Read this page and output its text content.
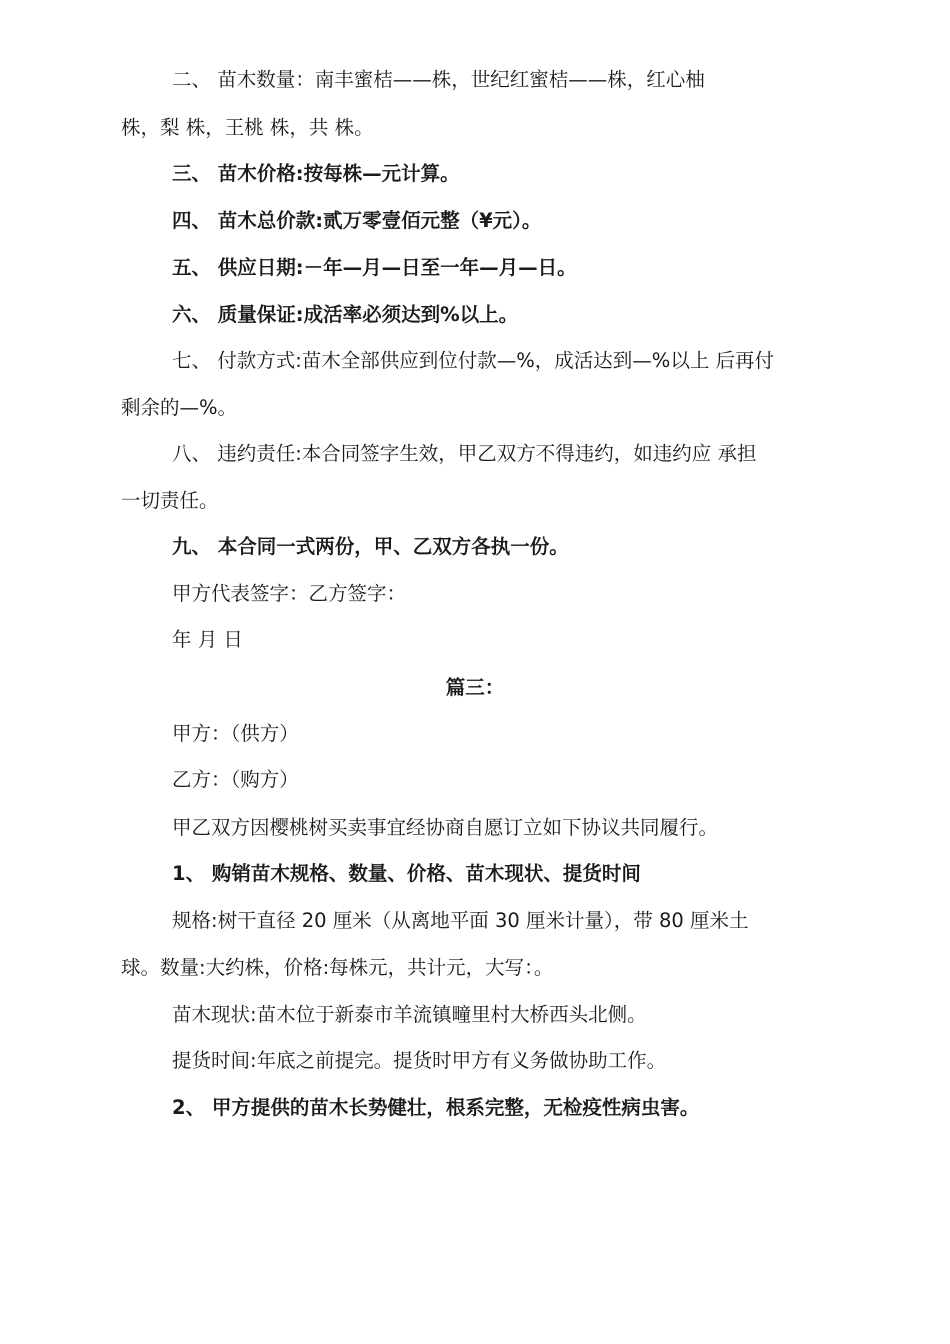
二、 苗木数量：南丰蜜桔——株，世纪红蜜桔——株，红心柚
株，梨 株，王桃 株，共 株。
三、 苗木价格:按每株—元计算。
四、 苗木总价款:贰万零壹佰元整（¥元）。
五、 供应日期:－年—月—日至一年—月—日。
六、 质量保证:成活率必须达到%以上。
七、 付款方式:苗木全部供应到位付款—%，成活达到—%以上 后再付
剩余的—%。
八、 违约责任:本合同签字生效，甲乙双方不得违约，如违约应 承担
一切责任。
九、 本合同一式两份，甲、乙双方各执一份。
甲方代表签字：乙方签字：
年 月 日
篇三：
甲方：（供方）
乙方：（购方）
甲乙双方因樱桃树买卖事宜经协商自愿订立如下协议共同履行。
1、 购销苗木规格、数量、价格、苗木现状、提货时间
规格:树干直径 20 厘米（从离地平面 30 厘米计量），带 80 厘米土
球。数量:大约株，价格:每株元，共计元，大写：。
苗木现状:苗木位于新泰市羊流镇疃里村大桥西头北侧。
提货时间:年底之前提完。提货时甲方有义务做协助工作。
2、 甲方提供的苗木长势健壮，根系完整，无检疫性病虫害。
